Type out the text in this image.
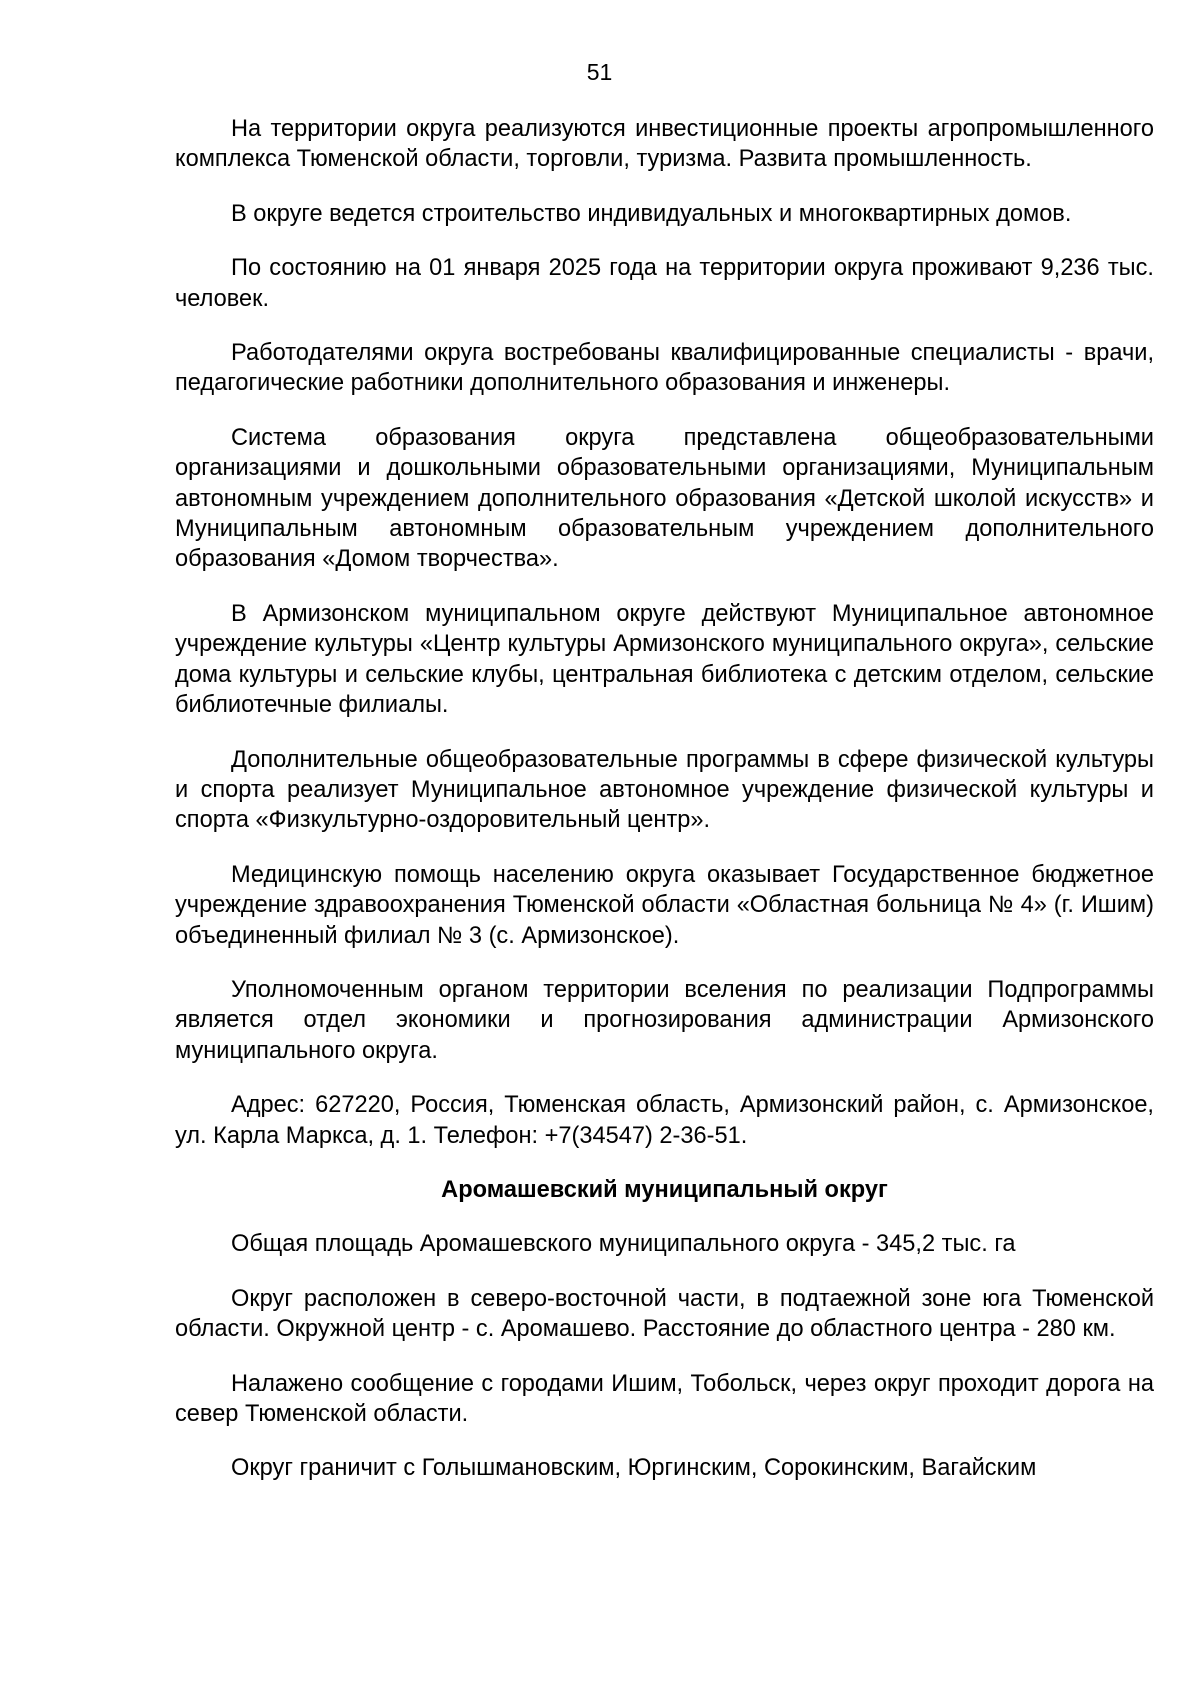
51

На территории округа реализуются инвестиционные проекты агропромышленного комплекса Тюменской области, торговли, туризма. Развита промышленность.

В округе ведется строительство индивидуальных и многоквартирных домов.

По состоянию на 01 января 2025 года на территории округа проживают 9,236 тыс. человек.

Работодателями округа востребованы квалифицированные специалисты - врачи, педагогические работники дополнительного образования и инженеры.

Система образования округа представлена общеобразовательными организациями и дошкольными образовательными организациями, Муниципальным автономным учреждением дополнительного образования «Детской школой искусств» и Муниципальным автономным образовательным учреждением дополнительного образования «Домом творчества».

В Армизонском муниципальном округе действуют Муниципальное автономное учреждение культуры «Центр культуры Армизонского муниципального округа», сельские дома культуры и сельские клубы, центральная библиотека с детским отделом, сельские библиотечные филиалы.

Дополнительные общеобразовательные программы в сфере физической культуры и спорта реализует Муниципальное автономное учреждение физической культуры и спорта «Физкультурно-оздоровительный центр».

Медицинскую помощь населению округа оказывает Государственное бюджетное учреждение здравоохранения Тюменской области «Областная больница № 4» (г. Ишим) объединенный филиал № 3 (с. Армизонское).

Уполномоченным органом территории вселения по реализации Подпрограммы является отдел экономики и прогнозирования администрации Армизонского муниципального округа.

Адрес: 627220, Россия, Тюменская область, Армизонский район, с. Армизонское, ул. Карла Маркса, д. 1. Телефон: +7(34547) 2-36-51.

Аромашевский муниципальный округ

Общая площадь Аромашевского муниципального округа - 345,2 тыс. га

Округ расположен в северо-восточной части, в подтаежной зоне юга Тюменской области. Окружной центр - с. Аромашево. Расстояние до областного центра - 280 км.

Налажено сообщение с городами Ишим, Тобольск, через округ проходит дорога на север Тюменской области.

Округ граничит с Голышмановским, Юргинским, Сорокинским, Вагайским
